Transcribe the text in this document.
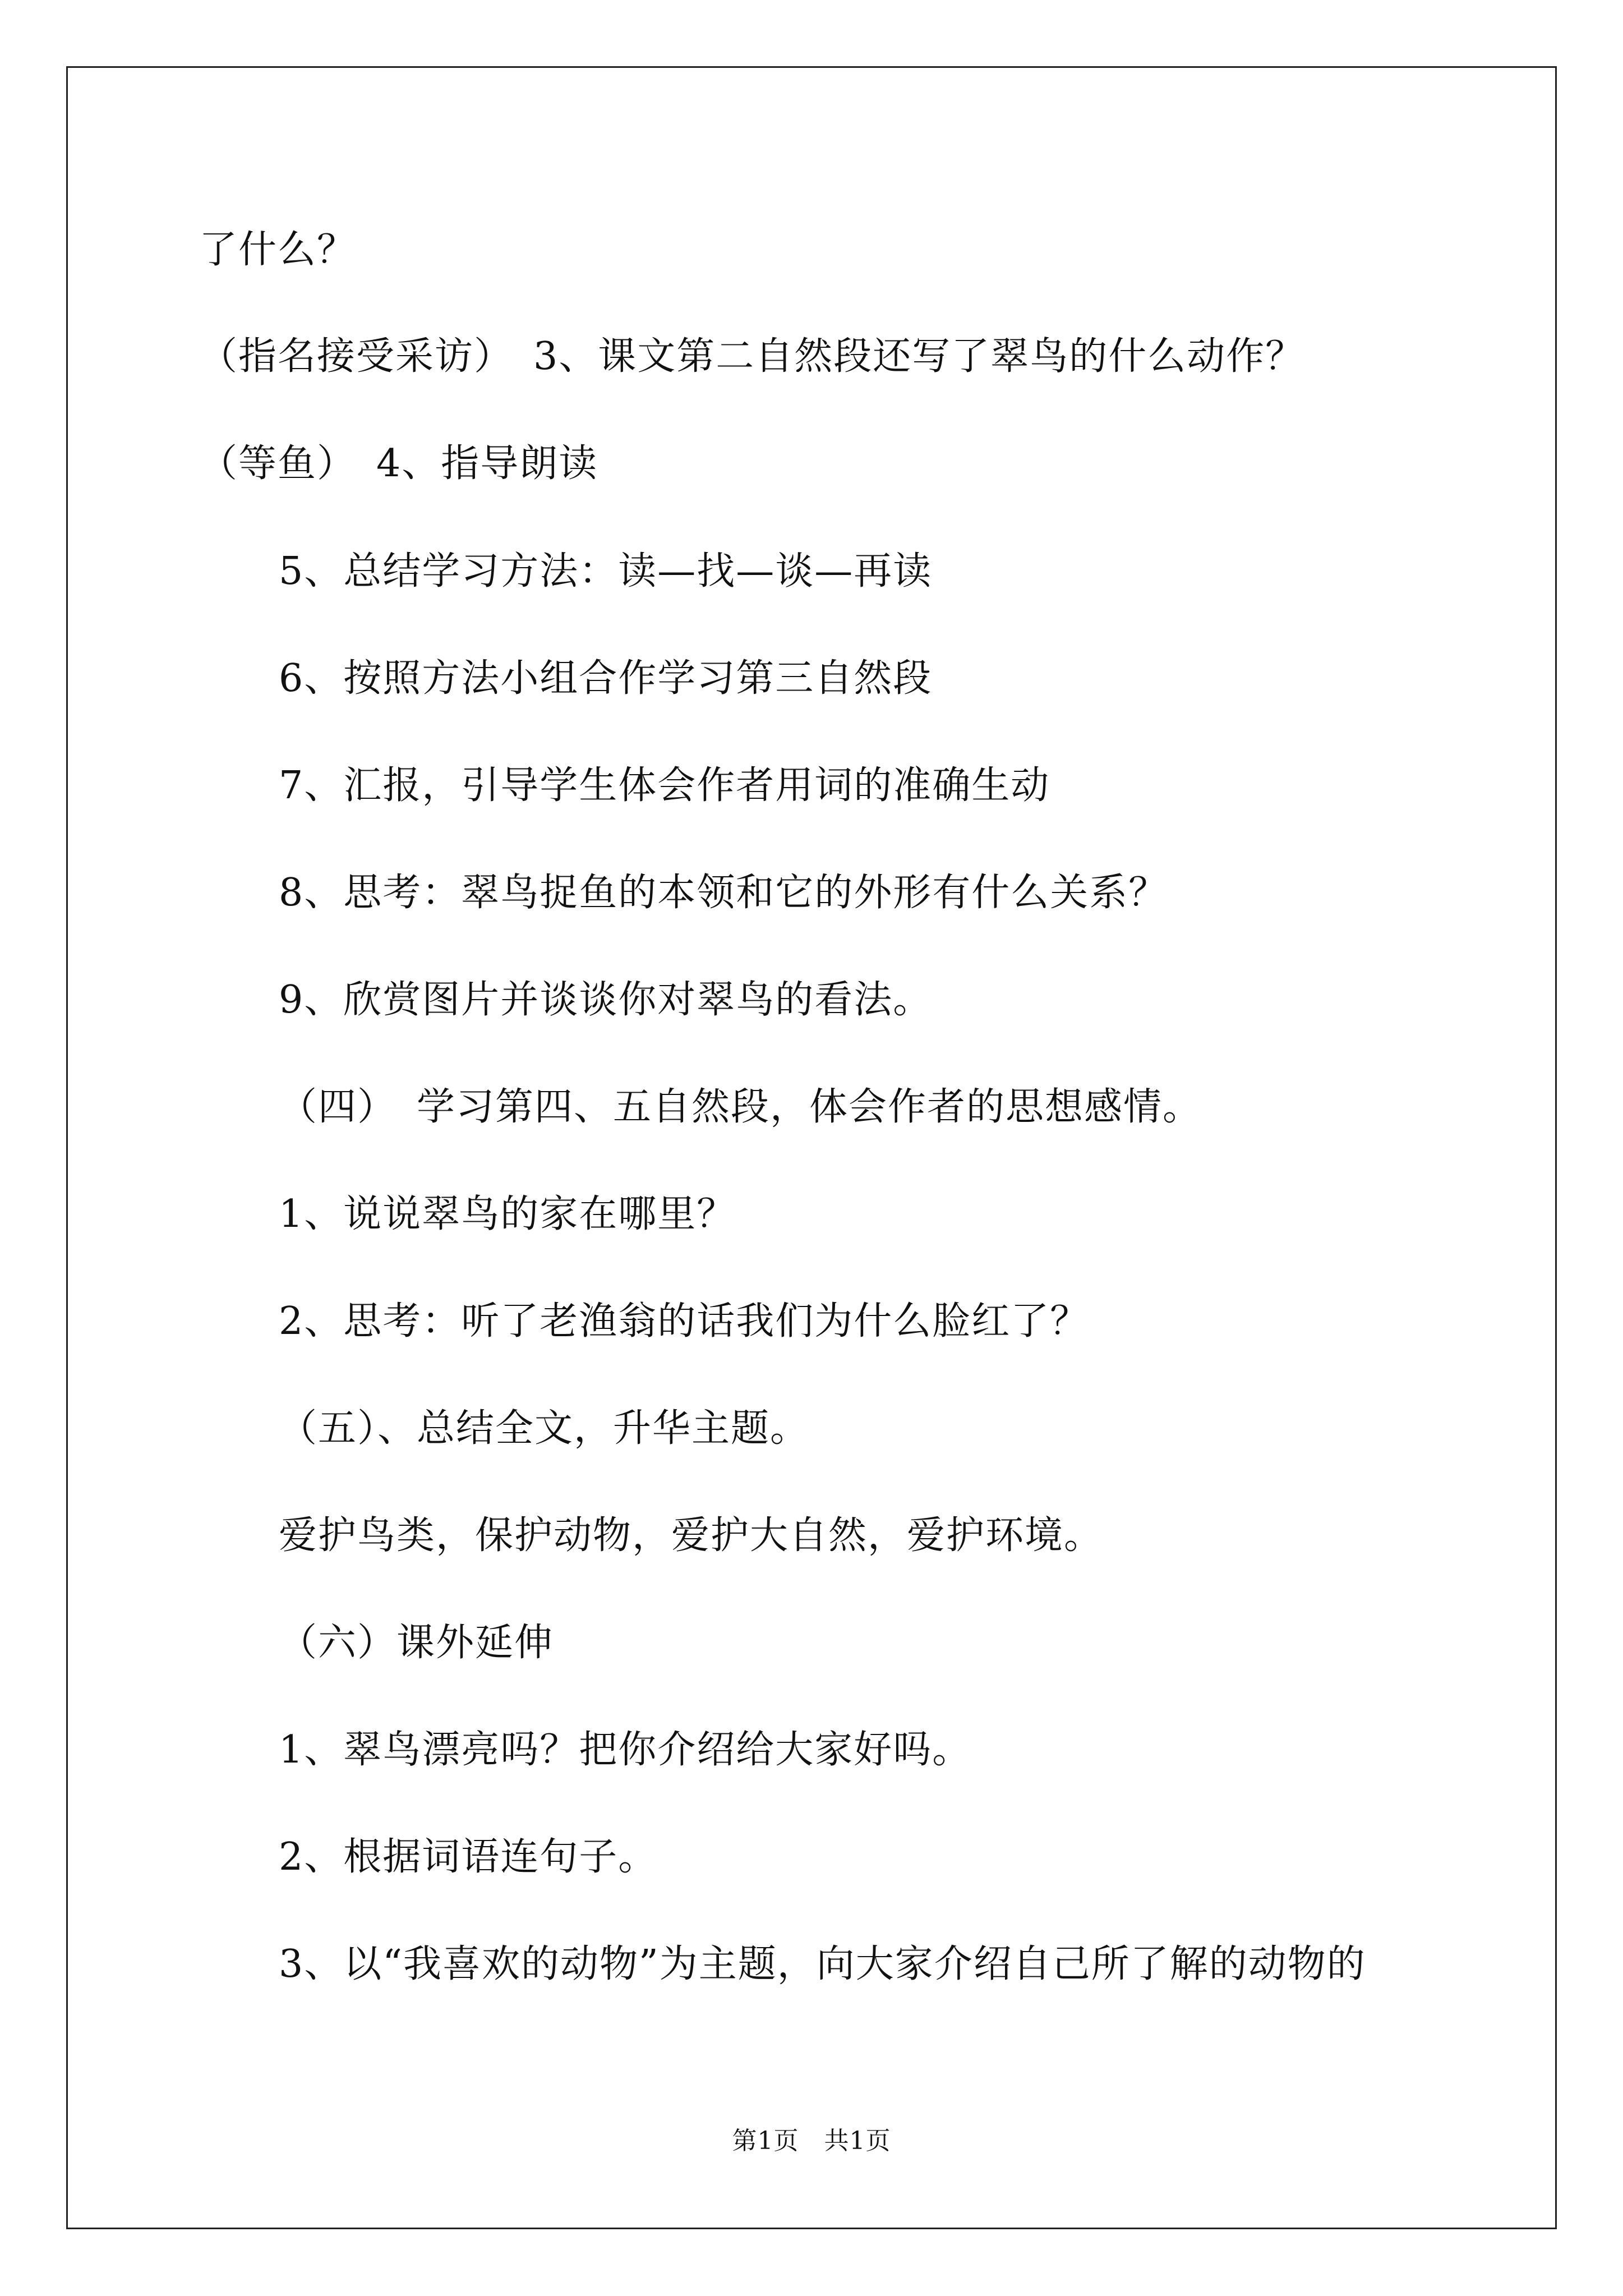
了什么？
（指名接受采访）　3、课文第二自然段还写了翠鸟的什么动作？
（等鱼）　4、指导朗读
5、总结学习方法：读—找—谈—再读
6、按照方法小组合作学习第三自然段
7、汇报，引导学生体会作者用词的准确生动
8、思考：翠鸟捉鱼的本领和它的外形有什么关系？
9、欣赏图片并谈谈你对翠鸟的看法。
（四）　学习第四、五自然段，体会作者的思想感情。
1、说说翠鸟的家在哪里？
2、思考：听了老渔翁的话我们为什么脸红了？
（五）、总结全文，升华主题。
爱护鸟类，保护动物，爱护大自然，爱护环境。
（六）课外延伸
1、翠鸟漂亮吗？把你介绍给大家好吗。
2、根据词语连句子。
3、以“我喜欢的动物”为主题，向大家介绍自己所了解的动物的
第1页　共1页
